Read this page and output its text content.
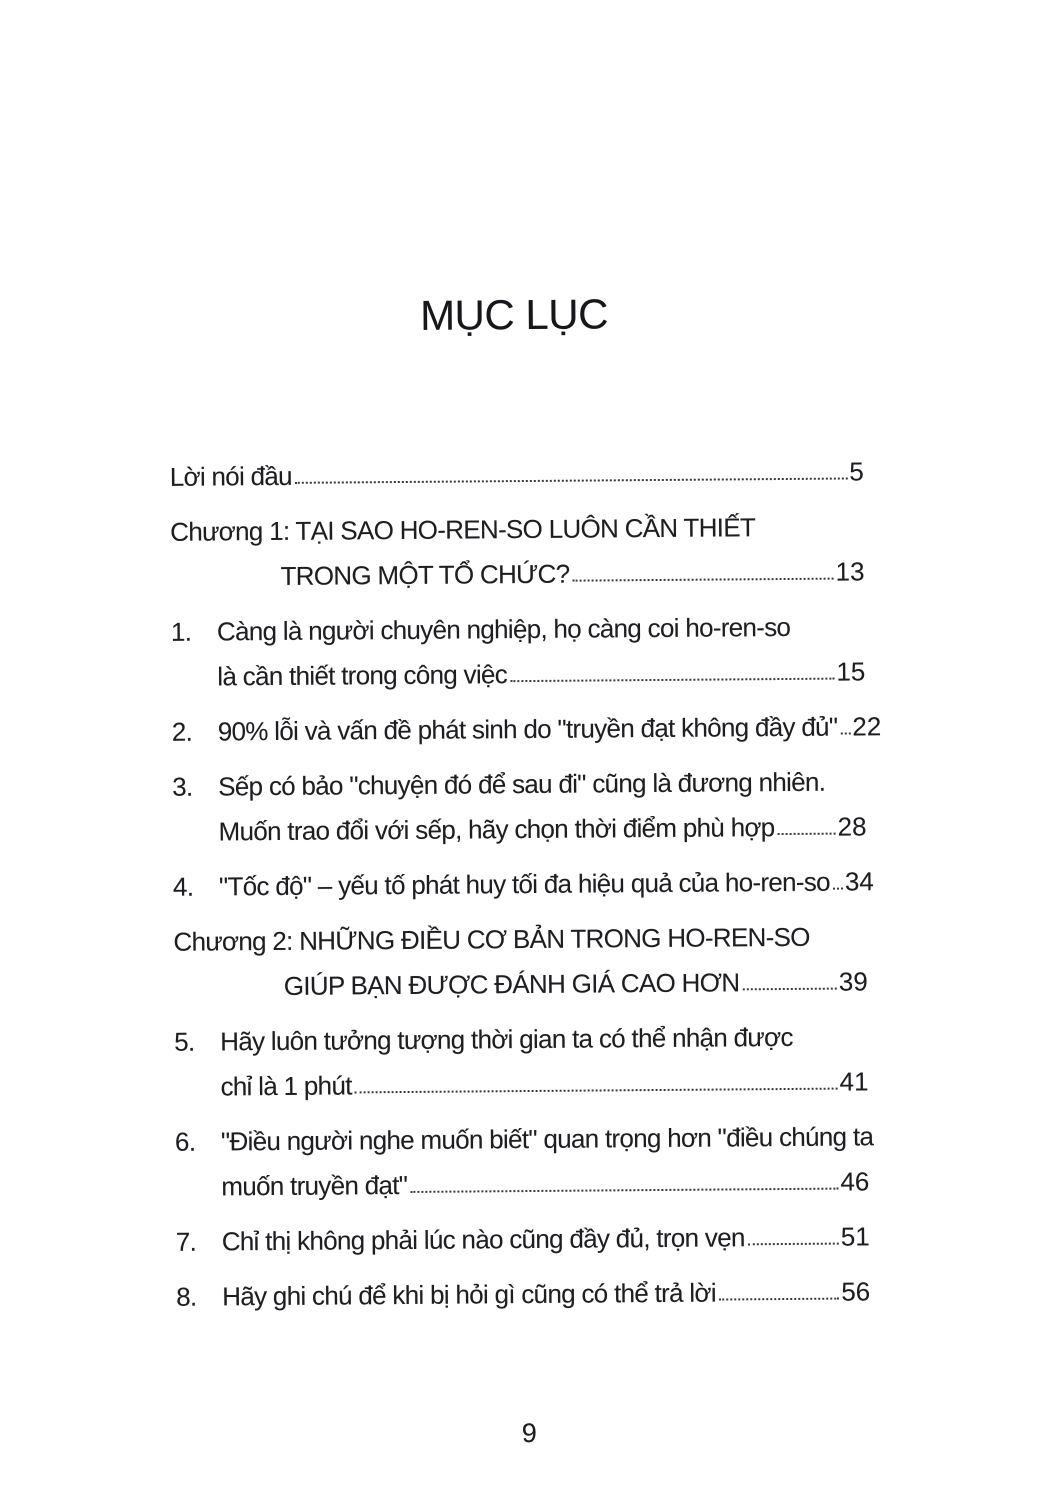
MỤC LỤC
Lời nói đầu	5
Chương 1: TẠI SAO HO-REN-SO LUÔN CẦN THIẾT
TRONG MỘT TỔ CHỨC?	13
1. Càng là người chuyên nghiệp, họ càng coi ho-ren-so
là cần thiết trong công việc	15
2. 90% lỗi và vấn đề phát sinh do "truyền đạt không đầy đủ" 22
3. Sếp có bảo "chuyện đó để sau đi" cũng là đương nhiên.
Muốn trao đổi với sếp, hãy chọn thời điểm phù hợp 28
4. "Tốc độ" – yếu tố phát huy tối đa hiệu quả của ho-ren-so 34
Chương 2: NHỮNG ĐIỀU CƠ BẢN TRONG HO-REN-SO
GIÚP BẠN ĐƯỢC ĐÁNH GIÁ CAO HƠN	39
5. Hãy luôn tưởng tượng thời gian ta có thể nhận được
chỉ là 1 phút	41
6. "Điều người nghe muốn biết" quan trọng hơn "điều chúng ta
muốn truyền đạt"	46
7. Chỉ thị không phải lúc nào cũng đầy đủ, trọn vẹn	51
8. Hãy ghi chú để khi bị hỏi gì cũng có thể trả lời	56
9
